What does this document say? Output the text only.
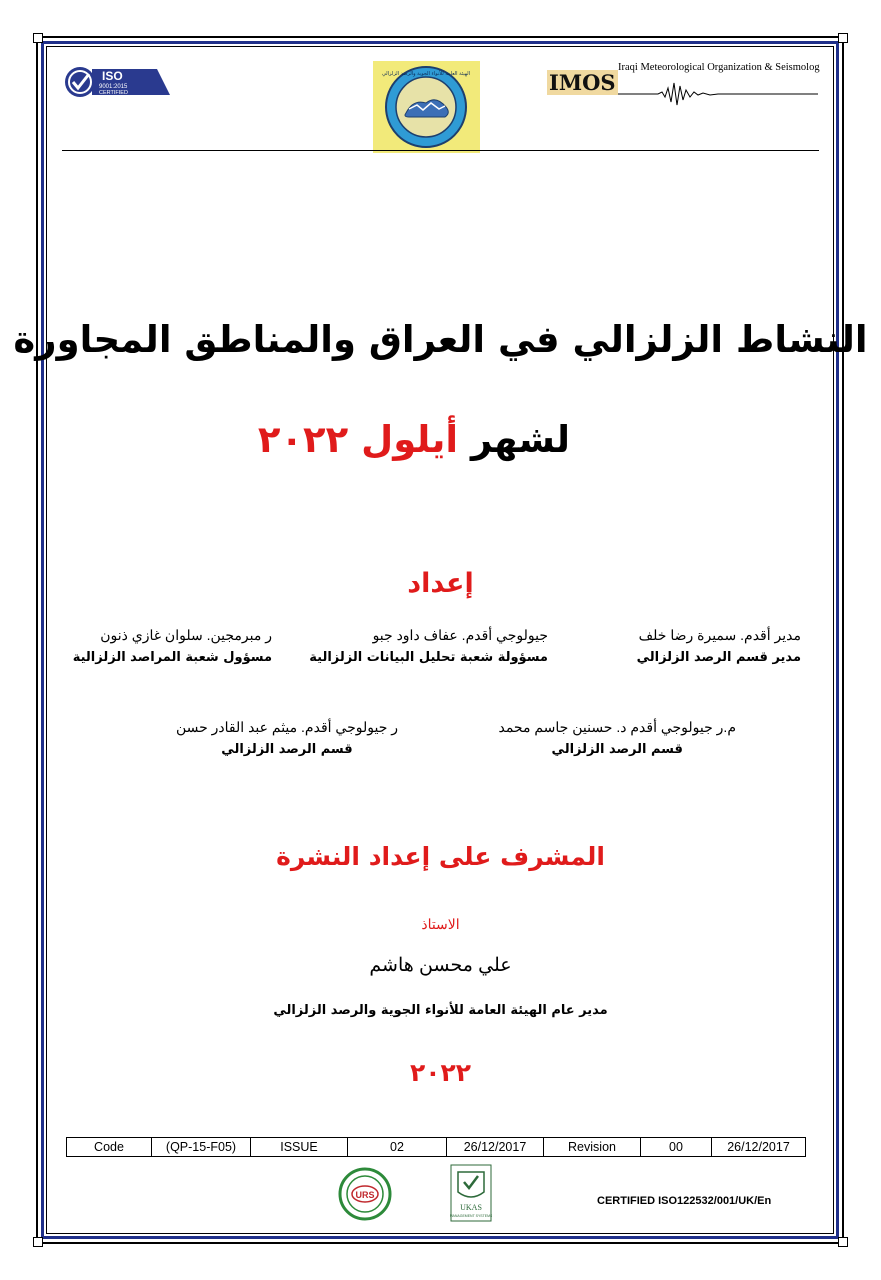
ISO
9001:2015
CERTIFIED
الهيئة العامة للأنواء الجوية والرصد الزلزالي	IMOS
Iraqi Meteorological Organization & Seismolog
النشاط الزلزالي في العراق والمناطق المجاورة
لشهر أيلول ٢٠٢٢
إعداد
مدير أقدم. سميرة رضا خلف
مدير قسم الرصد الزلزالي
جيولوجي أقدم. عفاف داود جبو
مسؤولة شعبة تحليل البيانات الزلزالية
ر مبرمجين. سلوان غازي ذنون
مسؤول شعبة المراصد الزلزالية
م.ر جيولوجي أقدم د. حسنين جاسم محمد
قسم الرصد الزلزالي
ر جيولوجي أقدم. ميثم عبد القادر حسن
قسم الرصد الزلزالي
المشرف على إعداد النشرة
الاستاذ
علي محسن هاشم
مدير عام الهيئة العامة للأنواء الجوية والرصد الزلزالي
٢٠٢٢
Code	(QP-15-F05)	ISSUE	02	26/12/2017	Revision	00	26/12/2017
URS
UKAS
MANAGEMENT SYSTEMS
CERTIFIED ISO122532/001/UK/En
